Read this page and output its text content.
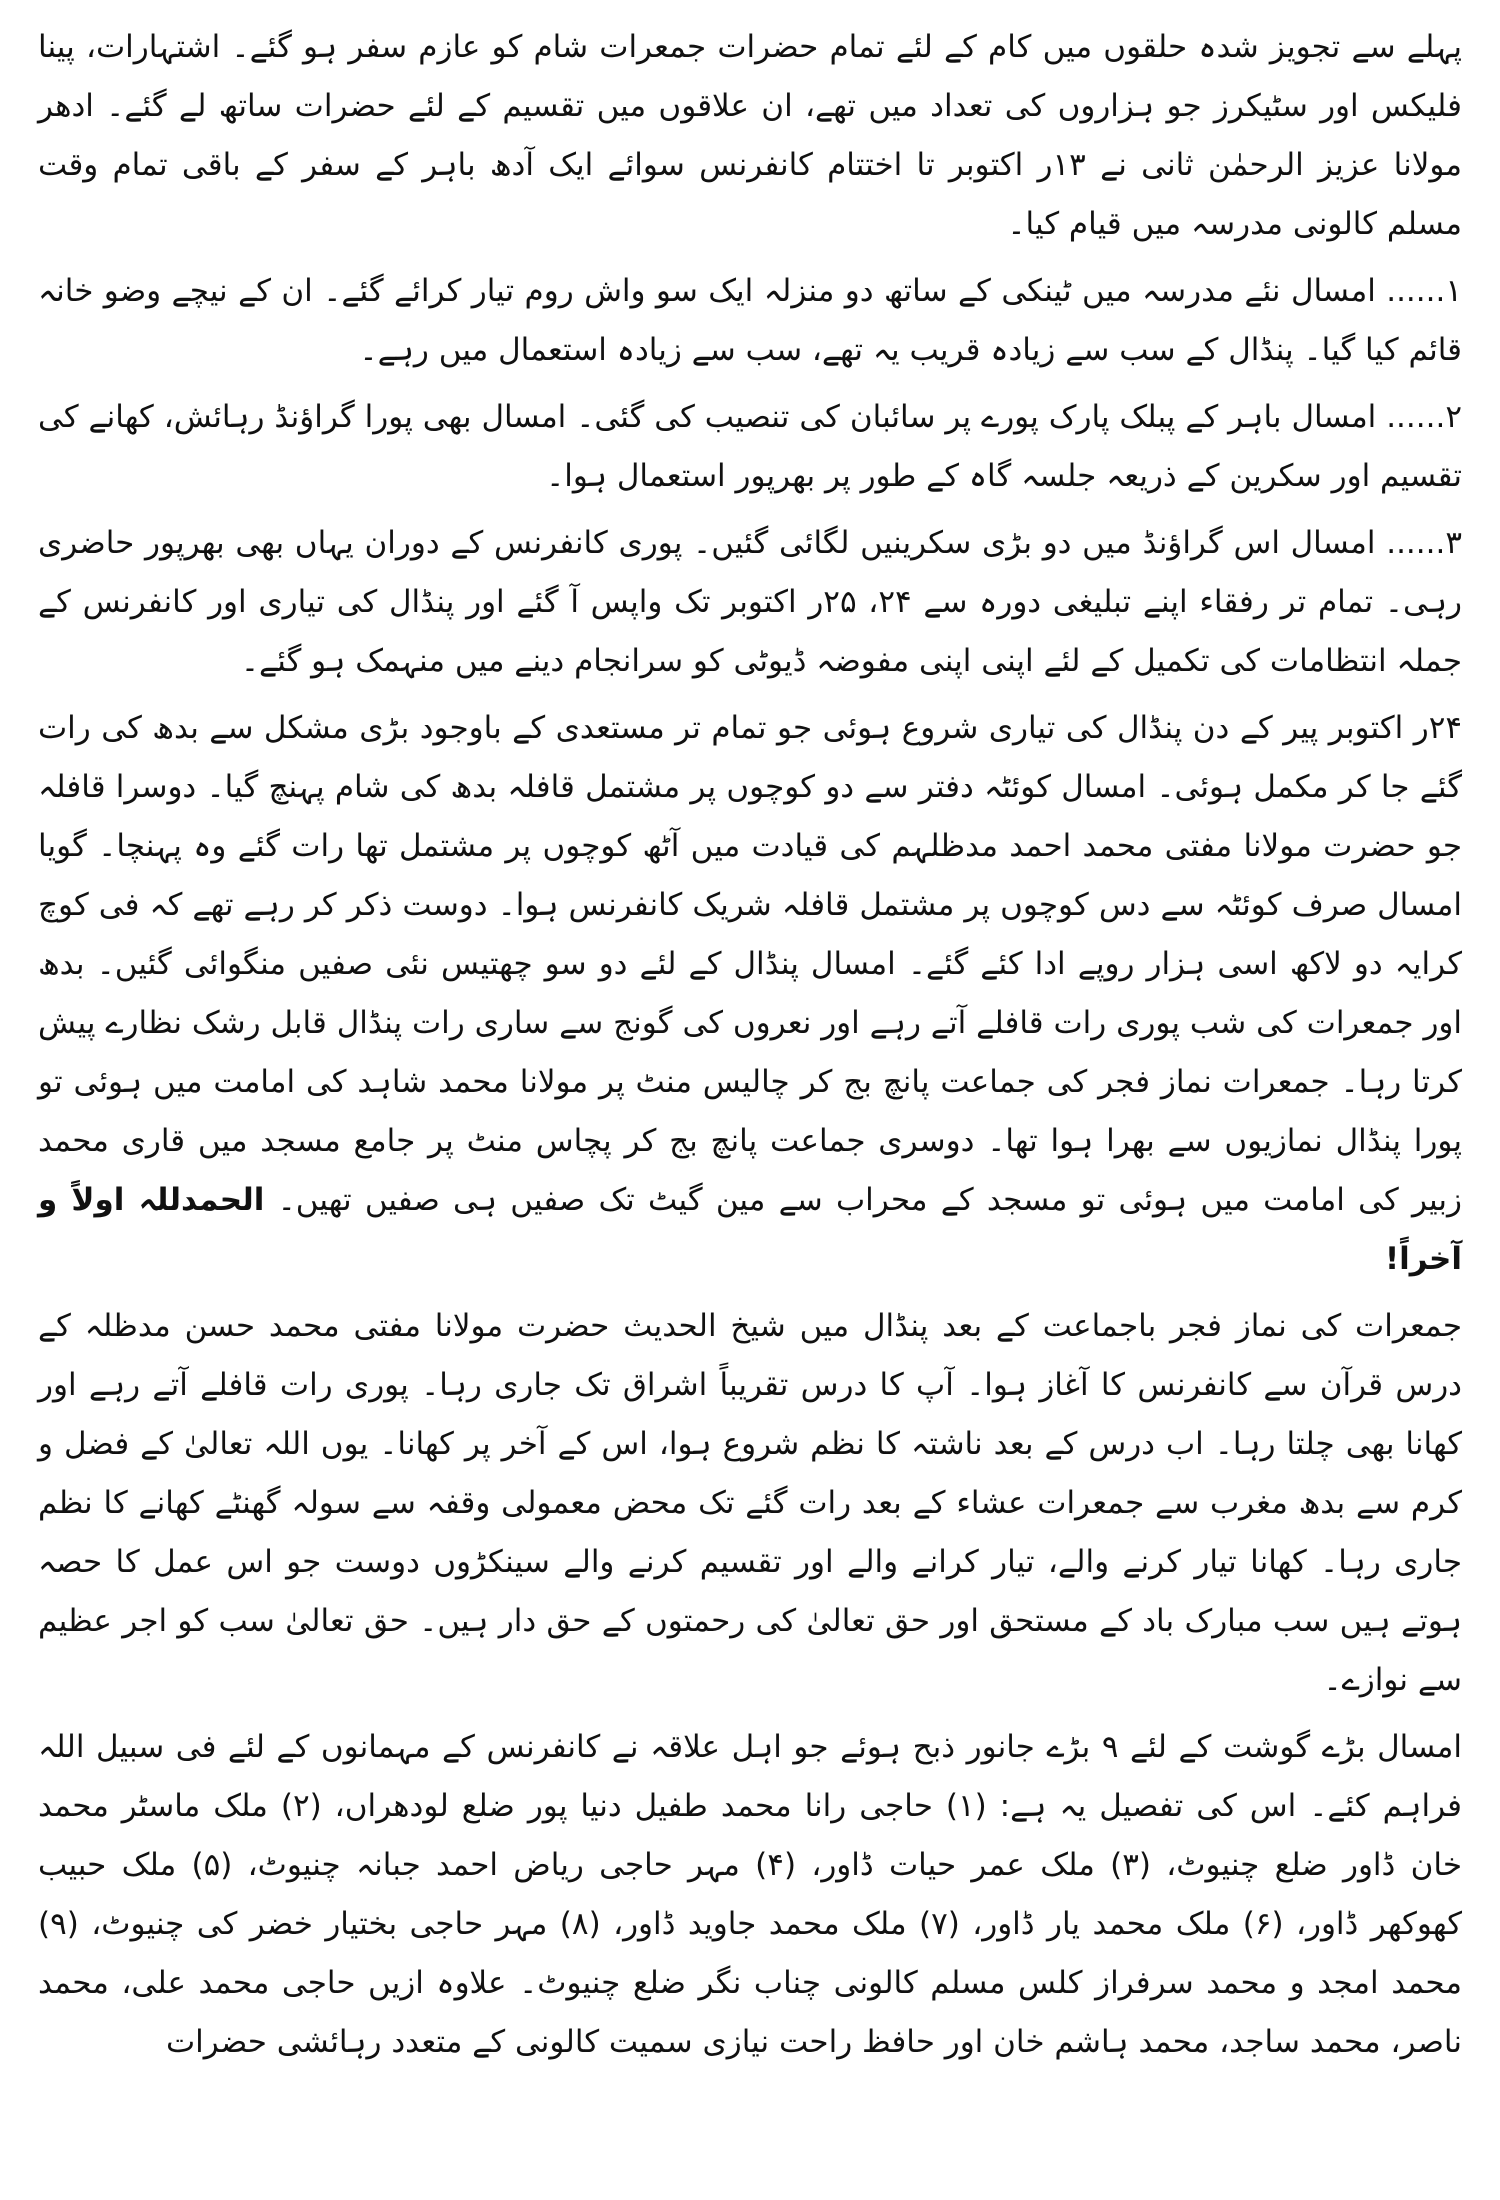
پہلے سے تجویز شدہ حلقوں میں کام کے لئے تمام حضرات جمعرات شام کو عازم سفر ہو گئے۔ اشتہارات، پینا فلیکس اور سٹیکرز جو ہزاروں کی تعداد میں تھے، ان علاقوں میں تقسیم کے لئے حضرات ساتھ لے گئے۔ ادھر مولانا عزیز الرحمٰن ثانی نے ۱۳ر اکتوبر تا اختتام کانفرنس سوائے ایک آدھ باہر کے سفر کے باقی تمام وقت مسلم کالونی مدرسہ میں قیام کیا۔

۱...... امسال نئے مدرسہ میں ٹینکی کے ساتھ دو منزلہ ایک سو واش روم تیار کرائے گئے۔ ان کے نیچے وضو خانہ قائم کیا گیا۔ پنڈال کے سب سے زیادہ قریب یہ تھے، سب سے زیادہ استعمال میں رہے۔

۲...... امسال باہر کے پبلک پارک پورے پر سائبان کی تنصیب کی گئی۔ امسال بھی پورا گراؤنڈ رہائش، کھانے کی تقسیم اور سکرین کے ذریعہ جلسہ گاہ کے طور پر بھرپور استعمال ہوا۔

۳...... امسال اس گراؤنڈ میں دو بڑی سکرینیں لگائی گئیں۔ پوری کانفرنس کے دوران یہاں بھی بھرپور حاضری رہی۔ تمام تر رفقاء اپنے تبلیغی دورہ سے ۲۴، ۲۵ر اکتوبر تک واپس آ گئے اور پنڈال کی تیاری اور کانفرنس کے جملہ انتظامات کی تکمیل کے لئے اپنی اپنی مفوضہ ڈیوٹی کو سرانجام دینے میں منہمک ہو گئے۔

۲۴ر اکتوبر پیر کے دن پنڈال کی تیاری شروع ہوئی جو تمام تر مستعدی کے باوجود بڑی مشکل سے بدھ کی رات گئے جا کر مکمل ہوئی۔ امسال کوئٹہ دفتر سے دو کوچوں پر مشتمل قافلہ بدھ کی شام پہنچ گیا۔ دوسرا قافلہ جو حضرت مولانا مفتی محمد احمد مدظلہم کی قیادت میں آٹھ کوچوں پر مشتمل تھا رات گئے وہ پہنچا۔ گویا امسال صرف کوئٹہ سے دس کوچوں پر مشتمل قافلہ شریک کانفرنس ہوا۔ دوست ذکر کر رہے تھے کہ فی کوچ کرایہ دو لاکھ اسی ہزار روپے ادا کئے گئے۔ امسال پنڈال کے لئے دو سو چھتیس نئی صفیں منگوائی گئیں۔ بدھ اور جمعرات کی شب پوری رات قافلے آتے رہے اور نعروں کی گونج سے ساری رات پنڈال قابل رشک نظارے پیش کرتا رہا۔ جمعرات نماز فجر کی جماعت پانچ بج کر چالیس منٹ پر مولانا محمد شاہد کی امامت میں ہوئی تو پورا پنڈال نمازیوں سے بھرا ہوا تھا۔ دوسری جماعت پانچ بج کر پچاس منٹ پر جامع مسجد میں قاری محمد زبیر کی امامت میں ہوئی تو مسجد کے محراب سے مین گیٹ تک صفیں ہی صفیں تھیں۔ الحمدللہ اولاً و آخراً!

جمعرات کی نماز فجر باجماعت کے بعد پنڈال میں شیخ الحدیث حضرت مولانا مفتی محمد حسن مدظلہ کے درس قرآن سے کانفرنس کا آغاز ہوا۔ آپ کا درس تقریباً اشراق تک جاری رہا۔ پوری رات قافلے آتے رہے اور کھانا بھی چلتا رہا۔ اب درس کے بعد ناشتہ کا نظم شروع ہوا، اس کے آخر پر کھانا۔ یوں اللہ تعالیٰ کے فضل و کرم سے بدھ مغرب سے جمعرات عشاء کے بعد رات گئے تک محض معمولی وقفہ سے سولہ گھنٹے کھانے کا نظم جاری رہا۔ کھانا تیار کرنے والے، تیار کرانے والے اور تقسیم کرنے والے سینکڑوں دوست جو اس عمل کا حصہ ہوتے ہیں سب مبارک باد کے مستحق اور حق تعالیٰ کی رحمتوں کے حق دار ہیں۔ حق تعالیٰ سب کو اجر عظیم سے نوازے۔

امسال بڑے گوشت کے لئے ۹ بڑے جانور ذبح ہوئے جو اہل علاقہ نے کانفرنس کے مہمانوں کے لئے فی سبیل اللہ فراہم کئے۔ اس کی تفصیل یہ ہے: (۱) حاجی رانا محمد طفیل دنیا پور ضلع لودھراں، (۲) ملک ماسٹر محمد خان ڈاور ضلع چنیوٹ، (۳) ملک عمر حیات ڈاور، (۴) مہر حاجی ریاض احمد جبانہ چنیوٹ، (۵) ملک حبیب کھوکھر ڈاور، (۶) ملک محمد یار ڈاور، (۷) ملک محمد جاوید ڈاور، (۸) مہر حاجی بختیار خضر کی چنیوٹ، (۹) محمد امجد و محمد سرفراز کلس مسلم کالونی چناب نگر ضلع چنیوٹ۔ علاوہ ازیں حاجی محمد علی، محمد ناصر، محمد ساجد، محمد ہاشم خان اور حافظ راحت نیازی سمیت کالونی کے متعدد رہائشی حضرات
